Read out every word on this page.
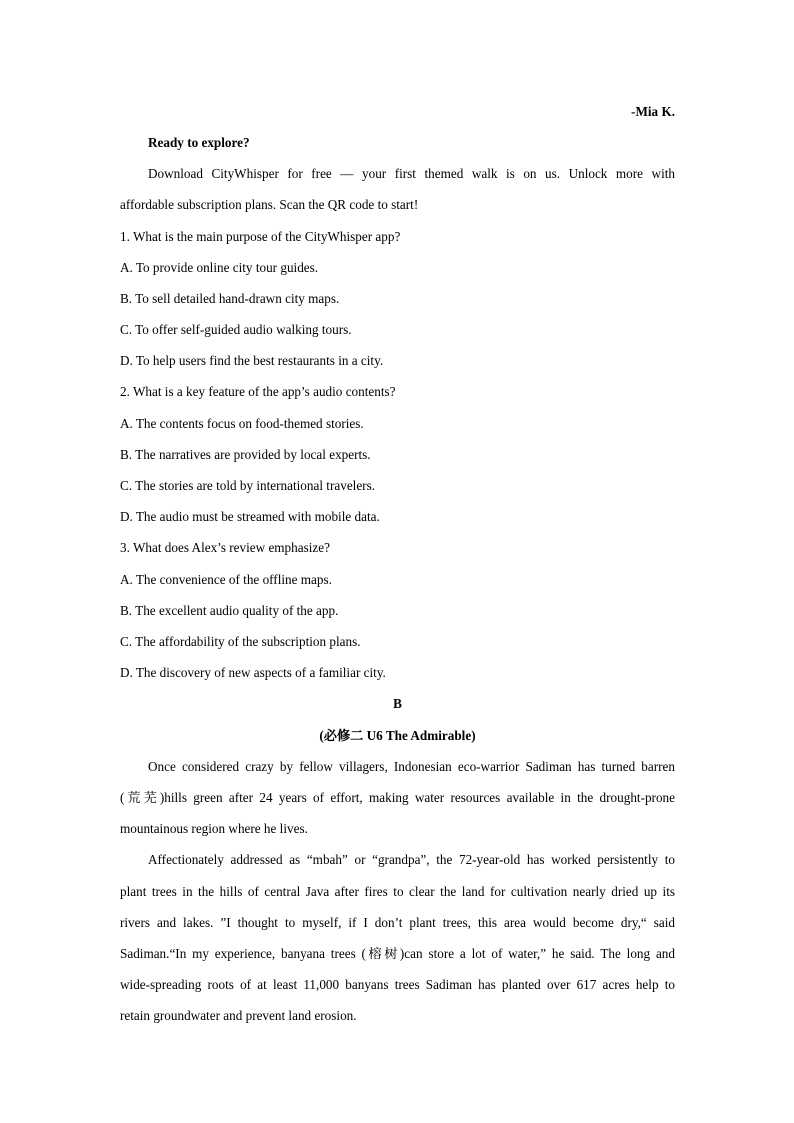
-Mia K.
Ready to explore?
Download CityWhisper for free — your first themed walk is on us. Unlock more with
affordable subscription plans. Scan the QR code to start!
1. What is the main purpose of the CityWhisper app?
A. To provide online city tour guides.
B. To sell detailed hand-drawn city maps.
C. To offer self-guided audio walking tours.
D. To help users find the best restaurants in a city.
2. What is a key feature of the app’s audio contents?
A. The contents focus on food-themed stories.
B. The narratives are provided by local experts.
C. The stories are told by international travelers.
D. The audio must be streamed with mobile data.
3. What does Alex’s review emphasize?
A. The convenience of the offline maps.
B. The excellent audio quality of the app.
C. The affordability of the subscription plans.
D. The discovery of new aspects of a familiar city.
B
(必修二 U6 The Admirable)
Once considered crazy by fellow villagers, Indonesian eco-warrior Sadiman has turned barren
(荒芜)hills green after 24 years of effort, making water resources available in the drought-prone
mountainous region where he lives.
Affectionately addressed as “mbah” or “grandpa”, the 72-year-old has worked persistently to
plant trees in the hills of central Java after fires to clear the land for cultivation nearly dried up its
rivers and lakes. ”I thought to myself, if I don’t plant trees, this area would become dry,“ said
Sadiman.“In my experience, banyana trees (榕树)can store a lot of water,” he said. The long and
wide-spreading roots of at least 11,000 banyans trees Sadiman has planted over 617 acres help to
retain groundwater and prevent land erosion.
